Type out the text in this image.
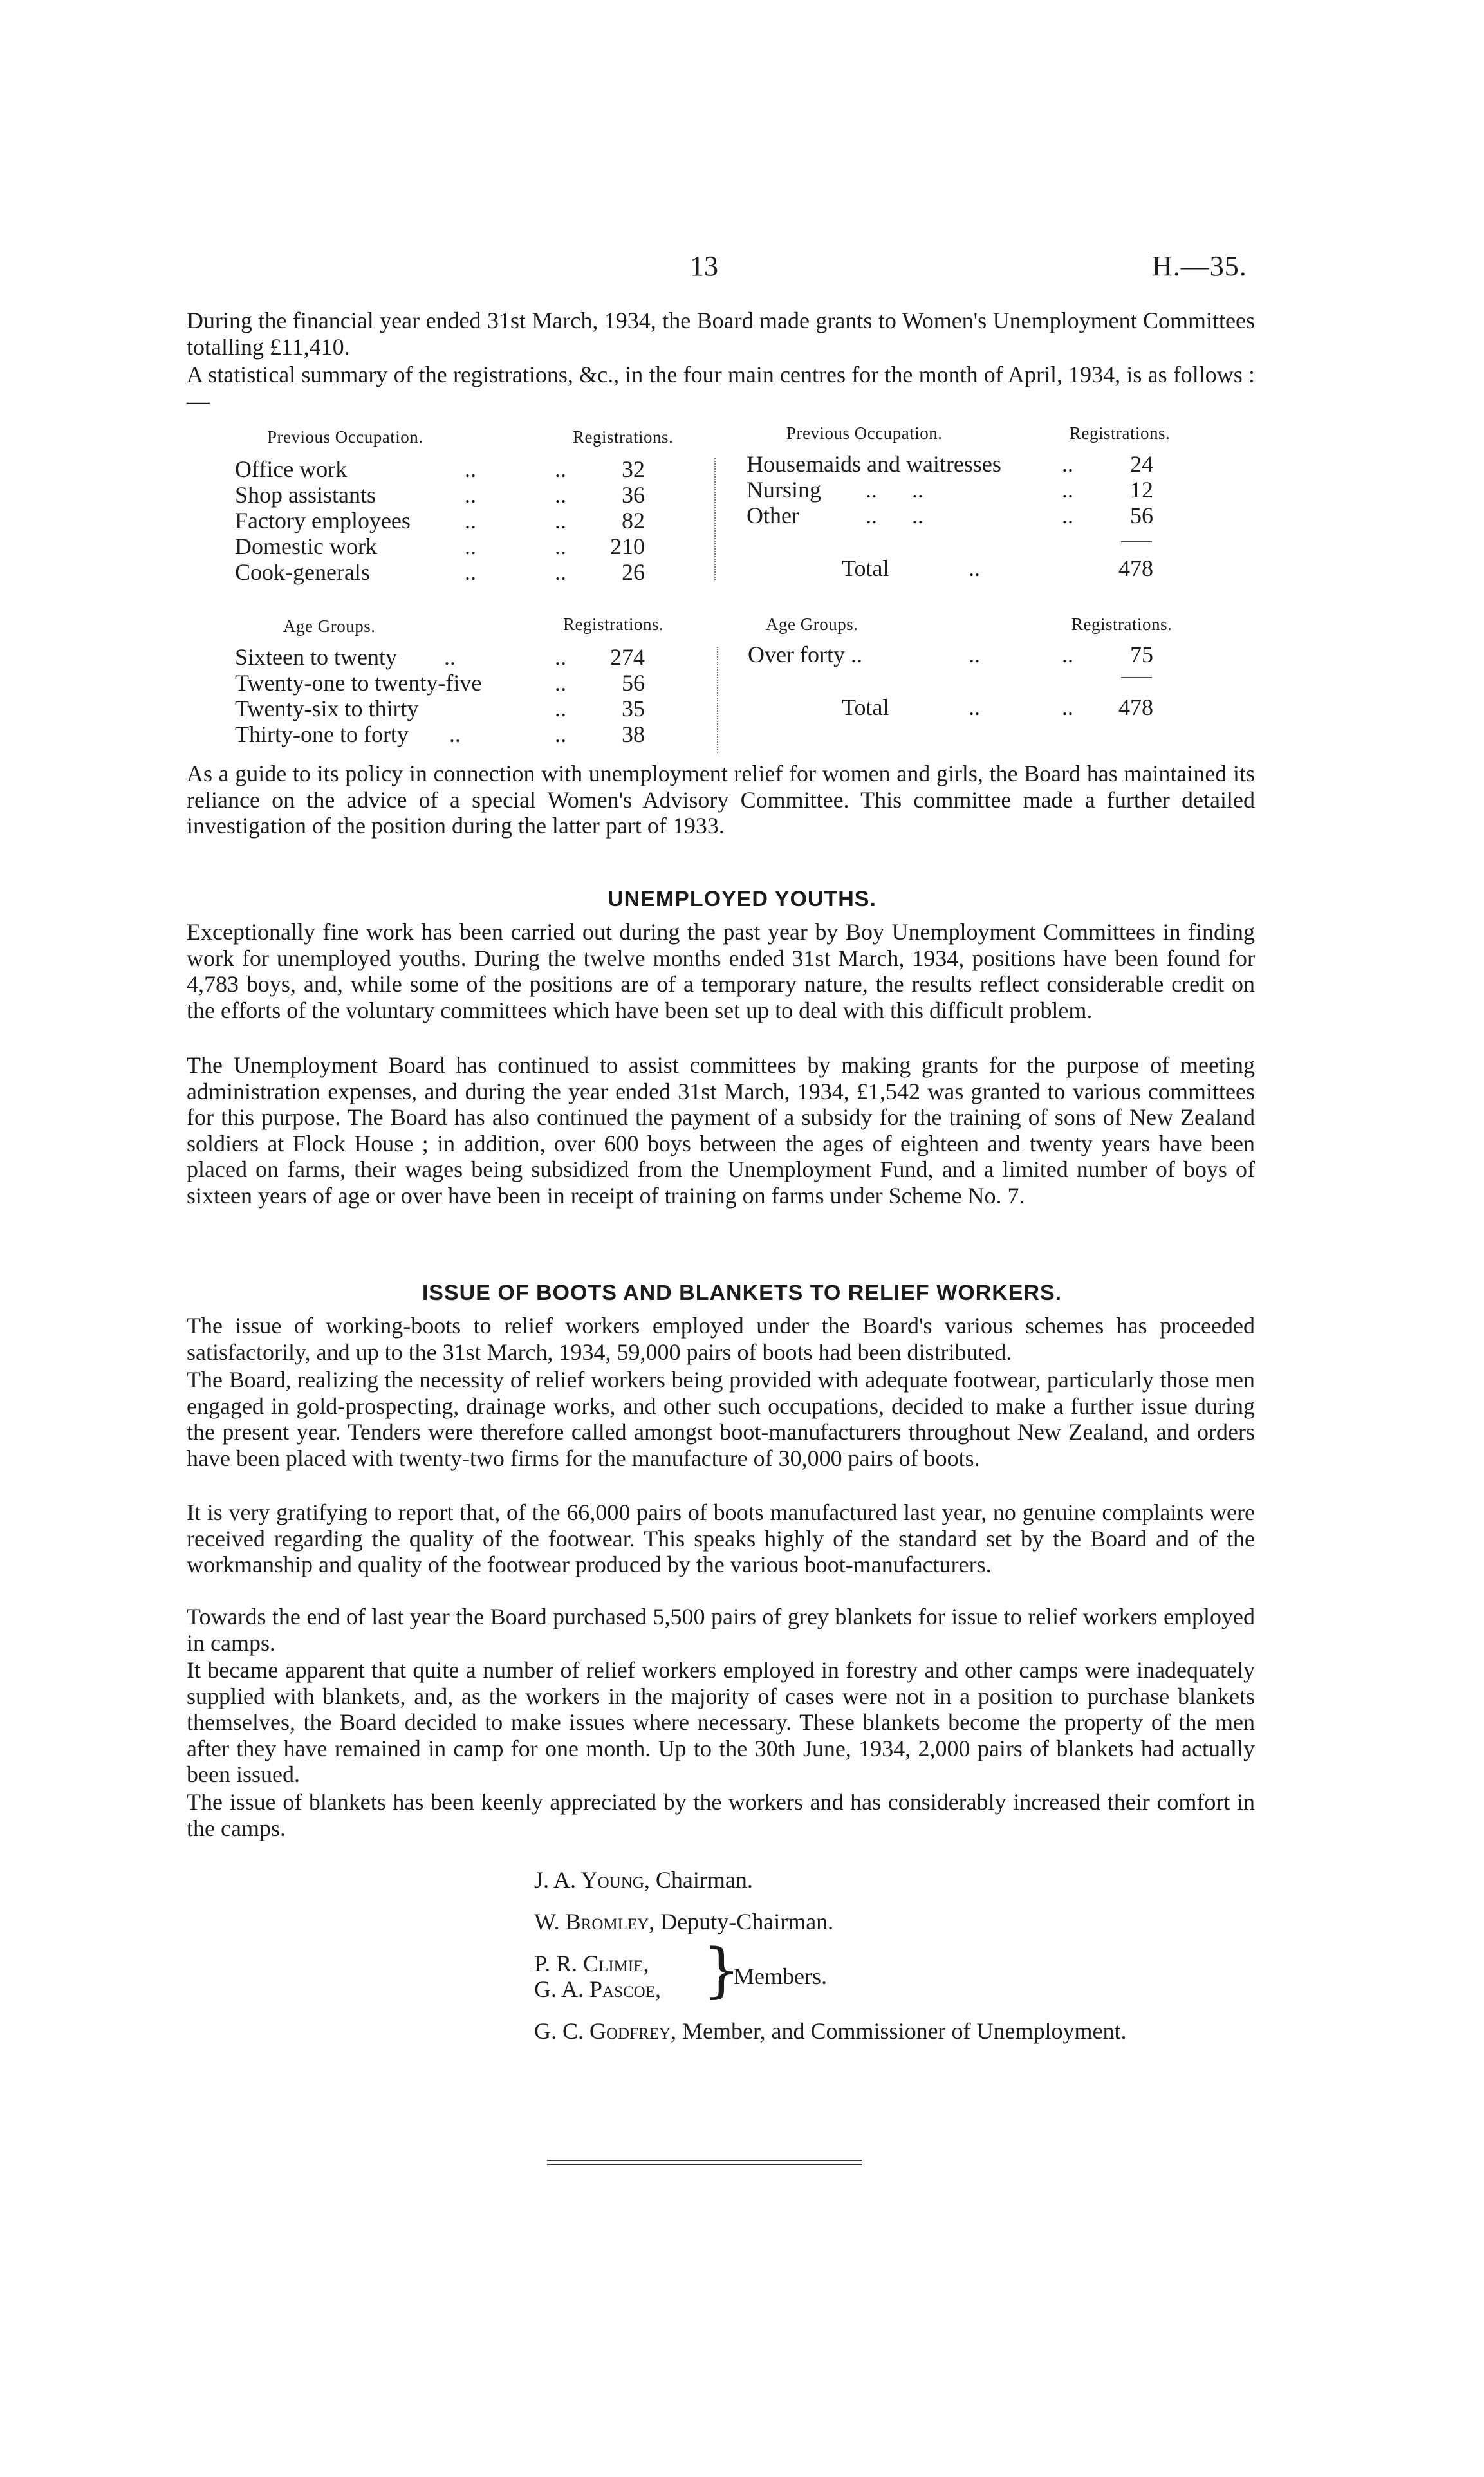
13	H.—35.

During the financial year ended 31st March, 1934, the Board made grants to Women's Unemployment Committees totalling £11,410.

A statistical summary of the registrations, &c., in the four main centres for the month of April, 1934, is as follows :—

Previous Occupation.	Registrations.	Previous Occupation.	Registrations.
Office work	..	..	32
Shop assistants	..	..	36
Factory employees ..	..	82
Domestic work	..	..	210
Cook-generals	..	..	26
Housemaids and waitresses	..	24
Nursing ..      ..	..	12
Other	..      ..	..	56
Total	..	478
Age Groups.	Registrations.	Age Groups.	Registrations.
Sixteen to twenty ..	..	274
Twenty-one to twenty-five	..	56
Twenty-six to thirty	..	35
Thirty-one to forty ..	..	38
Over forty ..	..	..	75
Total	..	..	478

As a guide to its policy in connection with unemployment relief for women and girls, the Board has maintained its reliance on the advice of a special Women's Advisory Committee. This committee made a further detailed investigation of the position during the latter part of 1933.

UNEMPLOYED YOUTHS.

Exceptionally fine work has been carried out during the past year by Boy Unemployment Committees in finding work for unemployed youths. During the twelve months ended 31st March, 1934, positions have been found for 4,783 boys, and, while some of the positions are of a temporary nature, the results reflect considerable credit on the efforts of the voluntary committees which have been set up to deal with this difficult problem.

The Unemployment Board has continued to assist committees by making grants for the purpose of meeting administration expenses, and during the year ended 31st March, 1934, £1,542 was granted to various committees for this purpose. The Board has also continued the payment of a subsidy for the training of sons of New Zealand soldiers at Flock House ; in addition, over 600 boys between the ages of eighteen and twenty years have been placed on farms, their wages being subsidized from the Unemployment Fund, and a limited number of boys of sixteen years of age or over have been in receipt of training on farms under Scheme No. 7.

ISSUE OF BOOTS AND BLANKETS TO RELIEF WORKERS.

The issue of working-boots to relief workers employed under the Board's various schemes has proceeded satisfactorily, and up to the 31st March, 1934, 59,000 pairs of boots had been distributed.

The Board, realizing the necessity of relief workers being provided with adequate footwear, particularly those men engaged in gold-prospecting, drainage works, and other such occupations, decided to make a further issue during the present year. Tenders were therefore called amongst boot-manufacturers throughout New Zealand, and orders have been placed with twenty-two firms for the manufacture of 30,000 pairs of boots.

It is very gratifying to report that, of the 66,000 pairs of boots manufactured last year, no genuine complaints were received regarding the quality of the footwear. This speaks highly of the standard set by the Board and of the workmanship and quality of the footwear produced by the various boot-manufacturers.

Towards the end of last year the Board purchased 5,500 pairs of grey blankets for issue to relief workers employed in camps.

It became apparent that quite a number of relief workers employed in forestry and other camps were inadequately supplied with blankets, and, as the workers in the majority of cases were not in a position to purchase blankets themselves, the Board decided to make issues where necessary. These blankets become the property of the men after they have remained in camp for one month. Up to the 30th June, 1934, 2,000 pairs of blankets had actually been issued.

The issue of blankets has been keenly appreciated by the workers and has considerably increased their comfort in the camps.

J. A. Young, Chairman.
W. Bromley, Deputy-Chairman.
P. R. Climie,
G. A. Pascoe, }
Members.
G. C. Godfrey, Member, and Commissioner of Unemployment.
